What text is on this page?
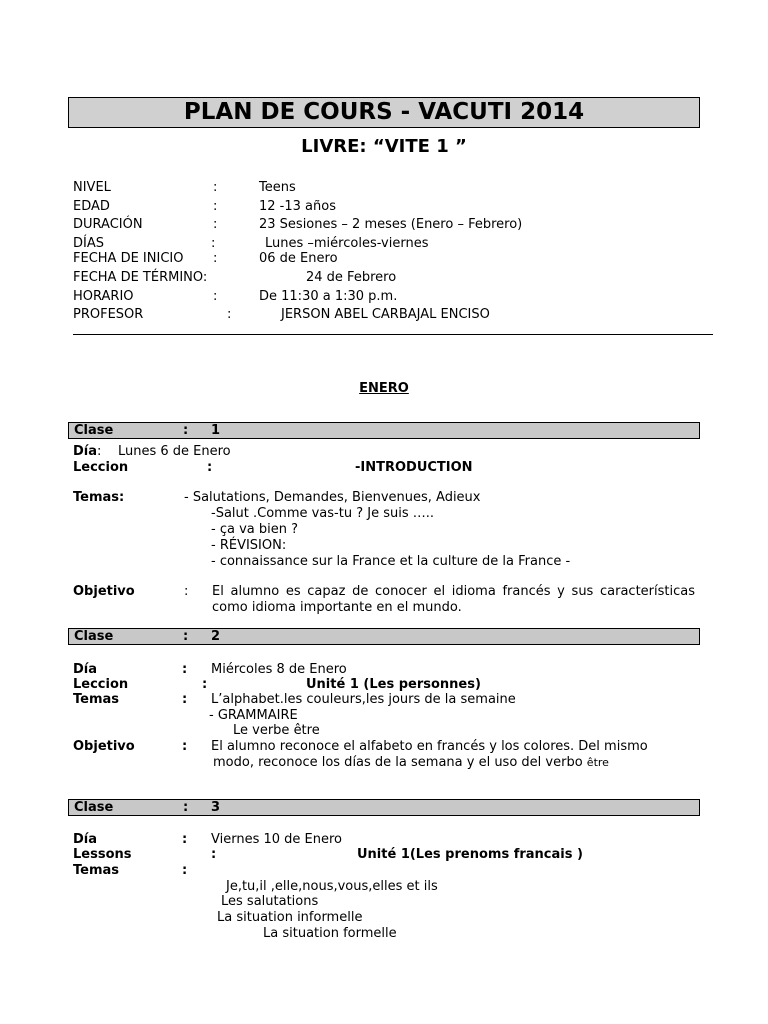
PLAN DE COURS - VACUTI 2014
LIVRE: “VITE 1 ”
NIVEL	:	Teens
EDAD	:	12 -13 años
DURACIÓN	:	23 Sesiones – 2 meses (Enero – Febrero)
DÍAS	:	Lunes –miércoles-viernes
FECHA DE INICIO :	06 de Enero
FECHA DE TÉRMINO:	24 de Febrero
HORARIO	:	De 11:30 a 1:30 p.m.
PROFESOR	:	JERSON ABEL CARBAJAL ENCISO
ENERO
Clase	: 1
Día: Lunes 6 de Enero
Leccion	:	-INTRODUCTION
Temas:	- Salutations, Demandes, Bienvenues, Adieux
-Salut .Comme vas-tu ? Je suis …..
- ça va bien ?
- RÉVISION:
- connaissance sur la France et la culture de la France -
Objetivo	: El alumno es capaz de conocer el idioma francés y sus características como idioma importante en el mundo.
Clase	: 2
Día	: Miércoles 8 de Enero
Leccion	:	Unité 1 (Les personnes)
Temas	: L’alphabet.les couleurs,les jours de la semaine
- GRAMMAIRE
Le verbe être
Objetivo	: El alumno reconoce el alfabeto en francés y los colores. Del mismo
modo, reconoce los días de la semana y el uso del verbo être
Clase	: 3
Día	: Viernes 10 de Enero
Lessons	:	Unité 1(Les prenoms francais )
Temas	:
Je,tu,il ,elle,nous,vous,elles et ils
Les salutations
La situation informelle
La situation formelle
